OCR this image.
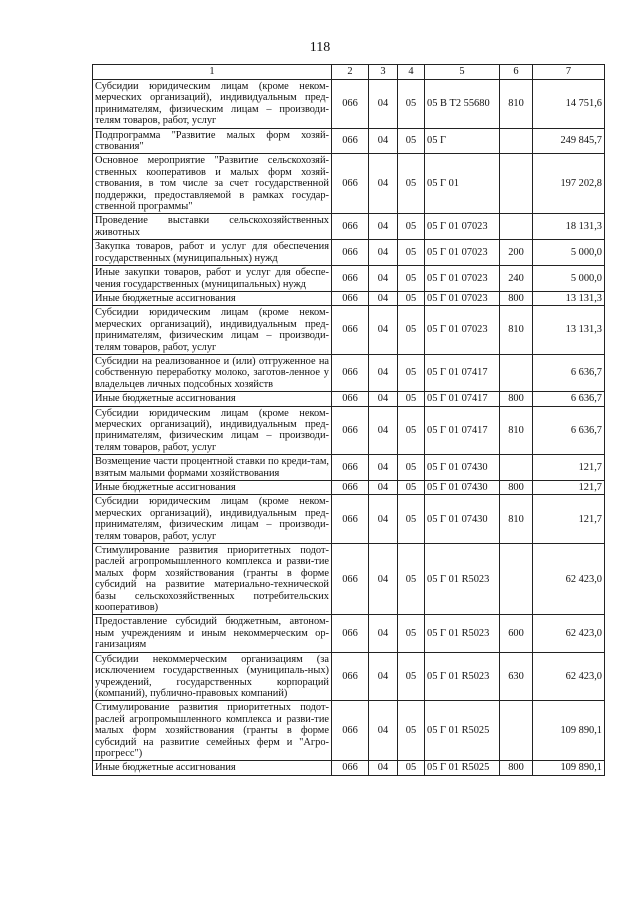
118
1	2	3	4	5	6	7
Субсидии юридическим лицам (кроме неком-мерческих организаций), индивидуальным пред-принимателям, физическим лицам – производи-телям товаров, работ, услуг	066	04	05	05 В Т2 55680	810	14 751,6
Подпрограмма "Развитие малых форм хозяй-ствования"	066	04	05	05 Г		249 845,7
Основное мероприятие "Развитие сельскохозяй-ственных кооперативов и малых форм хозяй-ствования, в том числе за счет государственной поддержки, предоставляемой в рамках государ-ственной программы"	066	04	05	05 Г 01		197 202,8
Проведение выставки сельскохозяйственных животных	066	04	05	05 Г 01 07023		18 131,3
Закупка товаров, работ и услуг для обеспечения государственных (муниципальных) нужд	066	04	05	05 Г 01 07023	200	5 000,0
Иные закупки товаров, работ и услуг для обеспе-чения государственных (муниципальных) нужд	066	04	05	05 Г 01 07023	240	5 000,0
Иные бюджетные ассигнования	066	04	05	05 Г 01 07023	800	13 131,3
Субсидии юридическим лицам (кроме неком-мерческих организаций), индивидуальным пред-принимателям, физическим лицам – производи-телям товаров, работ, услуг	066	04	05	05 Г 01 07023	810	13 131,3
Субсидии на реализованное и (или) отгруженное на собственную переработку молоко, заготов-ленное у владельцев личных подсобных хозяйств	066	04	05	05 Г 01 07417		6 636,7
Иные бюджетные ассигнования	066	04	05	05 Г 01 07417	800	6 636,7
Субсидии юридическим лицам (кроме неком-мерческих организаций), индивидуальным пред-принимателям, физическим лицам – производи-телям товаров, работ, услуг	066	04	05	05 Г 01 07417	810	6 636,7
Возмещение части процентной ставки по креди-там, взятым малыми формами хозяйствования	066	04	05	05 Г 01 07430		121,7
Иные бюджетные ассигнования	066	04	05	05 Г 01 07430	800	121,7
Субсидии юридическим лицам (кроме неком-мерческих организаций), индивидуальным пред-принимателям, физическим лицам – производи-телям товаров, работ, услуг	066	04	05	05 Г 01 07430	810	121,7
Стимулирование развития приоритетных подот-раслей агропромышленного комплекса и разви-тие малых форм хозяйствования (гранты в форме субсидий на развитие материально-технической базы сельскохозяйственных потребительских кооперативов)	066	04	05	05 Г 01 R5023		62 423,0
Предоставление субсидий бюджетным, автоном-ным учреждениям и иным некоммерческим ор-ганизациям	066	04	05	05 Г 01 R5023	600	62 423,0
Субсидии некоммерческим организациям (за исключением государственных (муниципаль-ных) учреждений, государственных корпораций (компаний), публично-правовых компаний)	066	04	05	05 Г 01 R5023	630	62 423,0
Стимулирование развития приоритетных подот-раслей агропромышленного комплекса и разви-тие малых форм хозяйствования (гранты в форме субсидий на развитие семейных ферм и "Агро-прогресс")	066	04	05	05 Г 01 R5025		109 890,1
Иные бюджетные ассигнования	066	04	05	05 Г 01 R5025	800	109 890,1
